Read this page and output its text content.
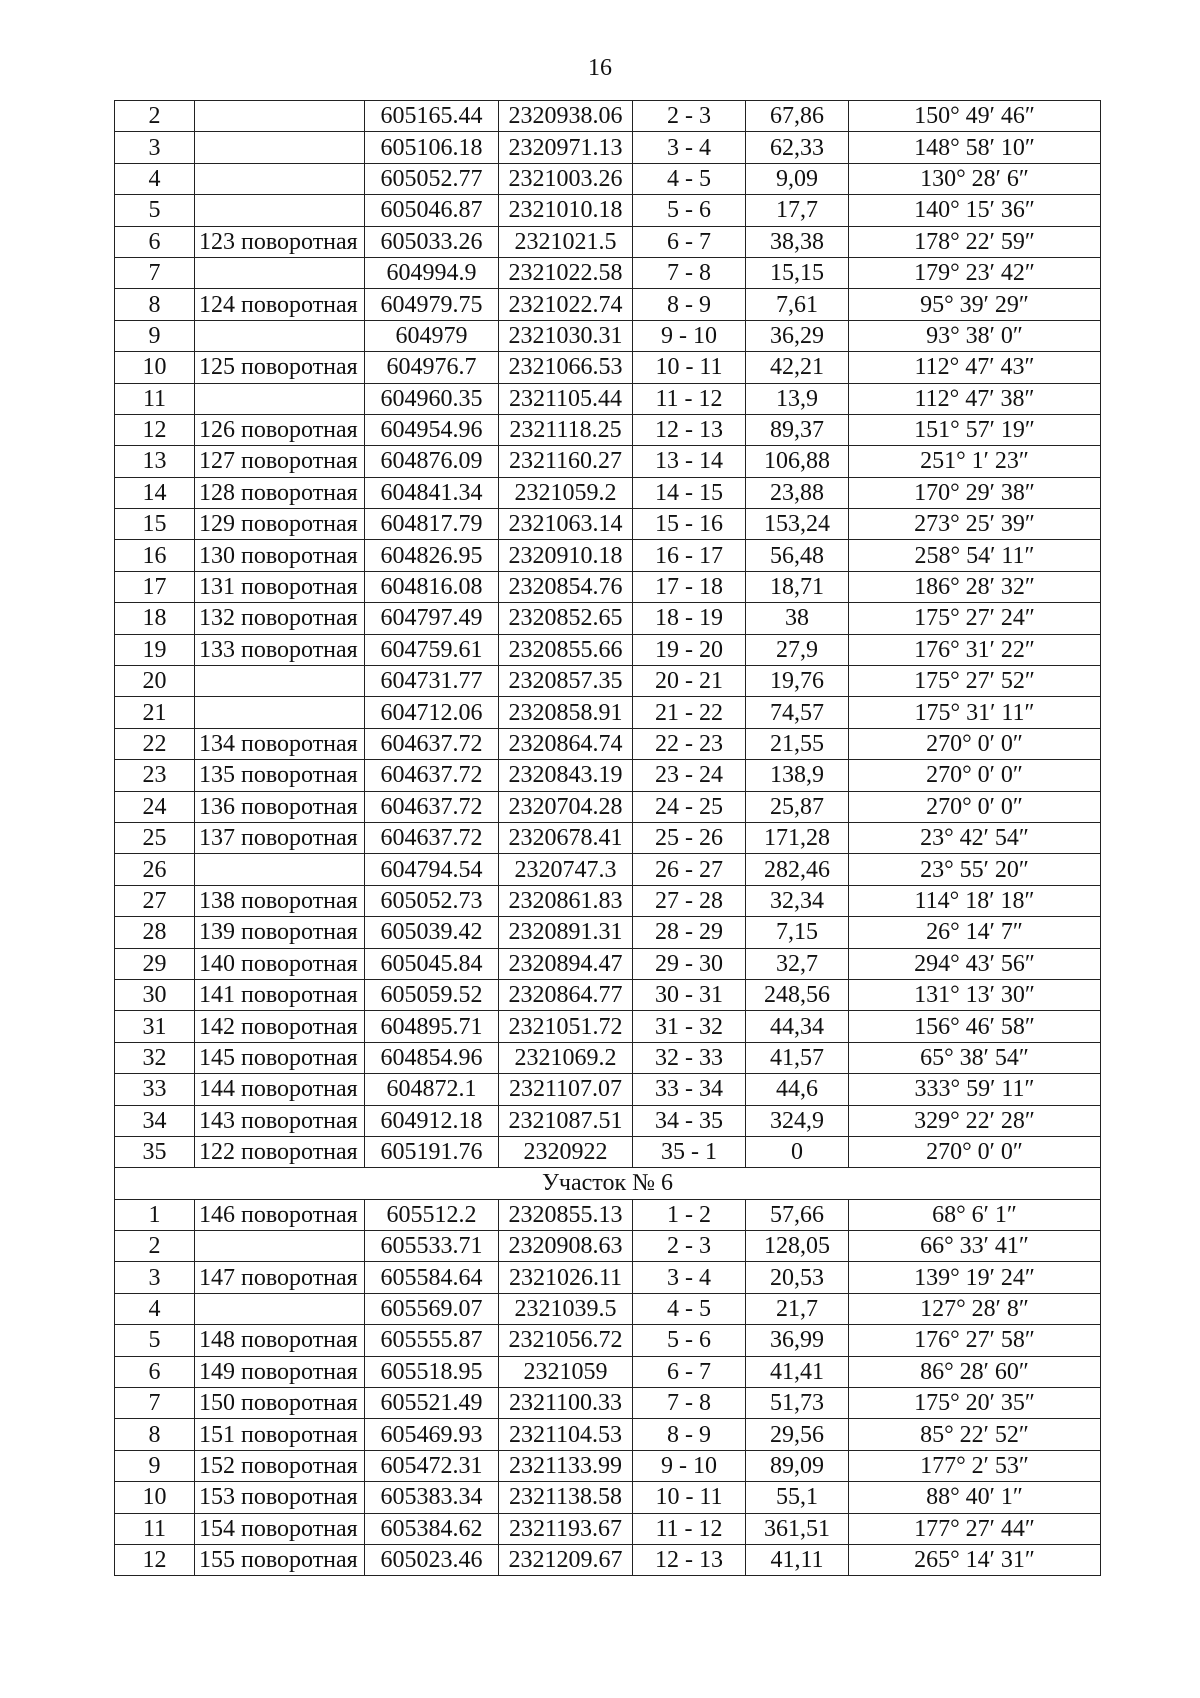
16
2		605165.44	2320938.06	2 - 3	67,86	150° 49′ 46″
3		605106.18	2320971.13	3 - 4	62,33	148° 58′ 10″
4		605052.77	2321003.26	4 - 5	9,09	130° 28′ 6″
5		605046.87	2321010.18	5 - 6	17,7	140° 15′ 36″
6	123 поворотная	605033.26	2321021.5	6 - 7	38,38	178° 22′ 59″
7		604994.9	2321022.58	7 - 8	15,15	179° 23′ 42″
8	124 поворотная	604979.75	2321022.74	8 - 9	7,61	95° 39′ 29″
9		604979	2321030.31	9 - 10	36,29	93° 38′ 0″
10	125 поворотная	604976.7	2321066.53	10 - 11	42,21	112° 47′ 43″
11		604960.35	2321105.44	11 - 12	13,9	112° 47′ 38″
12	126 поворотная	604954.96	2321118.25	12 - 13	89,37	151° 57′ 19″
13	127 поворотная	604876.09	2321160.27	13 - 14	106,88	251° 1′ 23″
14	128 поворотная	604841.34	2321059.2	14 - 15	23,88	170° 29′ 38″
15	129 поворотная	604817.79	2321063.14	15 - 16	153,24	273° 25′ 39″
16	130 поворотная	604826.95	2320910.18	16 - 17	56,48	258° 54′ 11″
17	131 поворотная	604816.08	2320854.76	17 - 18	18,71	186° 28′ 32″
18	132 поворотная	604797.49	2320852.65	18 - 19	38	175° 27′ 24″
19	133 поворотная	604759.61	2320855.66	19 - 20	27,9	176° 31′ 22″
20		604731.77	2320857.35	20 - 21	19,76	175° 27′ 52″
21		604712.06	2320858.91	21 - 22	74,57	175° 31′ 11″
22	134 поворотная	604637.72	2320864.74	22 - 23	21,55	270° 0′ 0″
23	135 поворотная	604637.72	2320843.19	23 - 24	138,9	270° 0′ 0″
24	136 поворотная	604637.72	2320704.28	24 - 25	25,87	270° 0′ 0″
25	137 поворотная	604637.72	2320678.41	25 - 26	171,28	23° 42′ 54″
26		604794.54	2320747.3	26 - 27	282,46	23° 55′ 20″
27	138 поворотная	605052.73	2320861.83	27 - 28	32,34	114° 18′ 18″
28	139 поворотная	605039.42	2320891.31	28 - 29	7,15	26° 14′ 7″
29	140 поворотная	605045.84	2320894.47	29 - 30	32,7	294° 43′ 56″
30	141 поворотная	605059.52	2320864.77	30 - 31	248,56	131° 13′ 30″
31	142 поворотная	604895.71	2321051.72	31 - 32	44,34	156° 46′ 58″
32	145 поворотная	604854.96	2321069.2	32 - 33	41,57	65° 38′ 54″
33	144 поворотная	604872.1	2321107.07	33 - 34	44,6	333° 59′ 11″
34	143 поворотная	604912.18	2321087.51	34 - 35	324,9	329° 22′ 28″
35	122 поворотная	605191.76	2320922	35 - 1	0	270° 0′ 0″
Участок № 6						
1	146 поворотная	605512.2	2320855.13	1 - 2	57,66	68° 6′ 1″
2		605533.71	2320908.63	2 - 3	128,05	66° 33′ 41″
3	147 поворотная	605584.64	2321026.11	3 - 4	20,53	139° 19′ 24″
4		605569.07	2321039.5	4 - 5	21,7	127° 28′ 8″
5	148 поворотная	605555.87	2321056.72	5 - 6	36,99	176° 27′ 58″
6	149 поворотная	605518.95	2321059	6 - 7	41,41	86° 28′ 60″
7	150 поворотная	605521.49	2321100.33	7 - 8	51,73	175° 20′ 35″
8	151 поворотная	605469.93	2321104.53	8 - 9	29,56	85° 22′ 52″
9	152 поворотная	605472.31	2321133.99	9 - 10	89,09	177° 2′ 53″
10	153 поворотная	605383.34	2321138.58	10 - 11	55,1	88° 40′ 1″
11	154 поворотная	605384.62	2321193.67	11 - 12	361,51	177° 27′ 44″
12	155 поворотная	605023.46	2321209.67	12 - 13	41,11	265° 14′ 31″
